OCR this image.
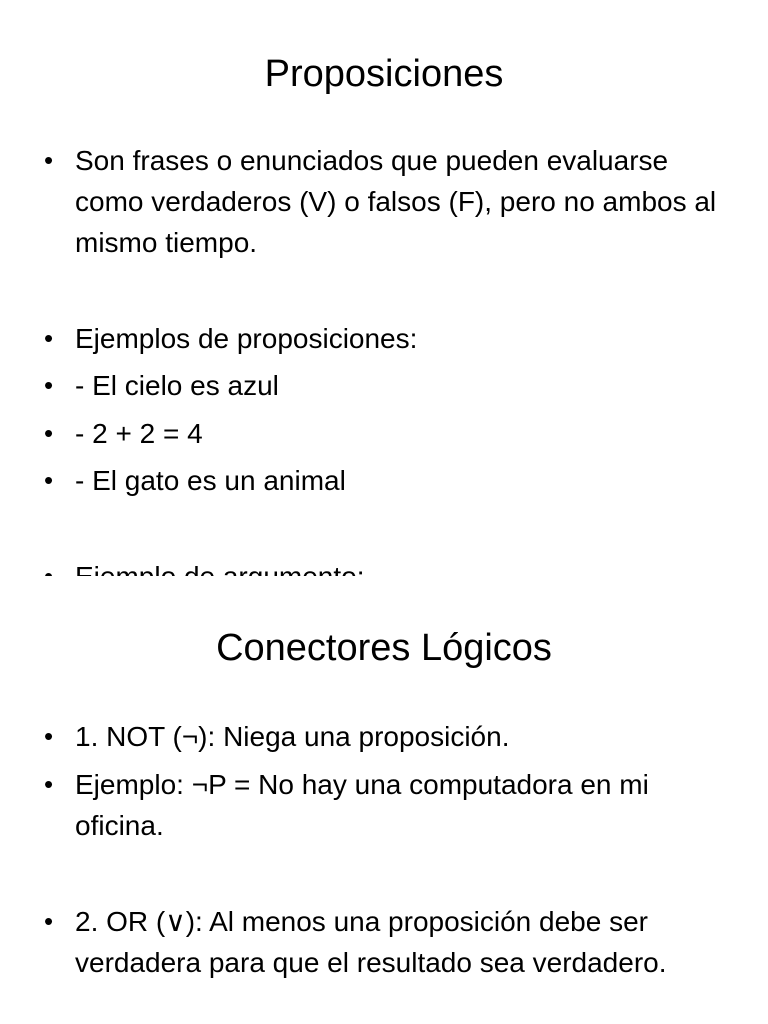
Proposiciones
• Son frases o enunciados que pueden evaluarse como verdaderos (V) o falsos (F), pero no ambos al mismo tiempo.
• Ejemplos de proposiciones:
• - El cielo es azul
• - 2 + 2 = 4
• - El gato es un animal
•
Conectores Lógicos
• 1. NOT (¬): Niega una proposición.
• Ejemplo: ¬P = No hay una computadora en mi oficina.
• 2. OR (∨): Al menos una proposición debe ser verdadera para que el resultado sea verdadero.
